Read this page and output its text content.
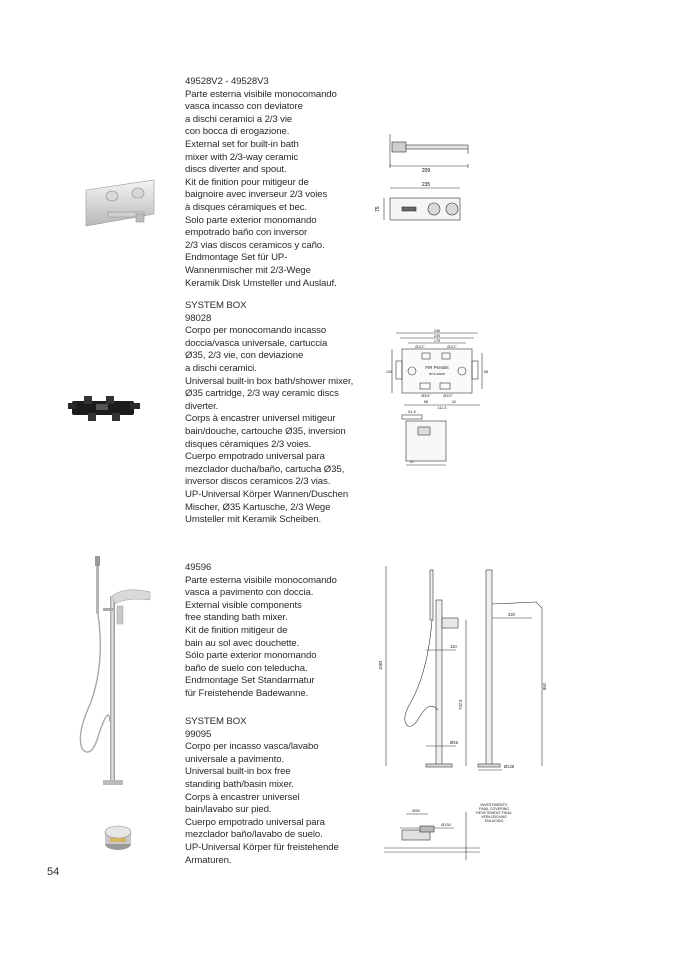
49528V2 - 49528V3
Parte esterna visibile monocomando
vasca incasso con deviatore
a dischi ceramici a 2/3 vie
con bocca di erogazione.
External set for built-in bath
mixer with 2/3-way ceramic
discs diverter and spout.
Kit de finition pour mitigeur de
baignoire avec inverseur 2/3 voies
à disques céramiques et bec.
Solo parte exterior monomando
empotrado baño con inversor
2/3 vias discos ceramicos y caño.
Endmontage Set für UP-
Wannenmischer mit 2/3-Wege
Keramik Disk Umsteller und Auslauf.
SYSTEM BOX
98028
Corpo per monocomando incasso
doccia/vasca universale, cartuccia
Ø35, 2/3 vie, con deviazione
a dischi ceramici.
Universal built-in box bath/shower mixer,
Ø35 cartridge, 2/3 way ceramic discs
diverter.
Corps à encastrer universel mitigeur
bain/douche, cartouche Ø35, inversion
disques céramiques 2/3 voies.
Cuerpo empotrado universal para
mezclador ducha/baño, cartucha Ø35,
inversor discos ceramicos 2/3 vias.
UP-Universal Körper Wannen/Duschen
Mischer, Ø35 Kartusche, 2/3 Wege
Umsteller mit Keramik Scheiben.
49596
Parte esterna visibile monocomando
vasca a pavimento con doccia.
External visible components
free standing bath mixer.
Kit de finition mitigeur de
bain au sol avec douchette.
Sólo parte exterior monomando
baño de suelo con teleducha.
Endmontage Set Standarmatur
für Freistehende Badewanne.
SYSTEM BOX
99095
Corpo per incasso vasca/lavabo
universale a pavimento.
Universal built-in box free
standing bath/basin mixer.
Corps à encastrer universel
bain/lavabo sur pied.
Cuerpo empotrado universal para
mezclador baño/lavabo de suelo.
UP-Universal Körper für freistehende
Armaturen.
209
235
75
246
239
176
Ø1/2"	Ø1/2"
104	88
Ø3/4"	Ø1/2"
68	42
111.5
61.5
47
FIR Prestint
BOX 98028
1083
110
732.5
Ø45
220
860
Ø128
Ø90
Ø130
INVESTIMENTO
FINAL COVERING
REVETEMENT FINAL
VERKLEIDUNG
ENLUCIDO
54
